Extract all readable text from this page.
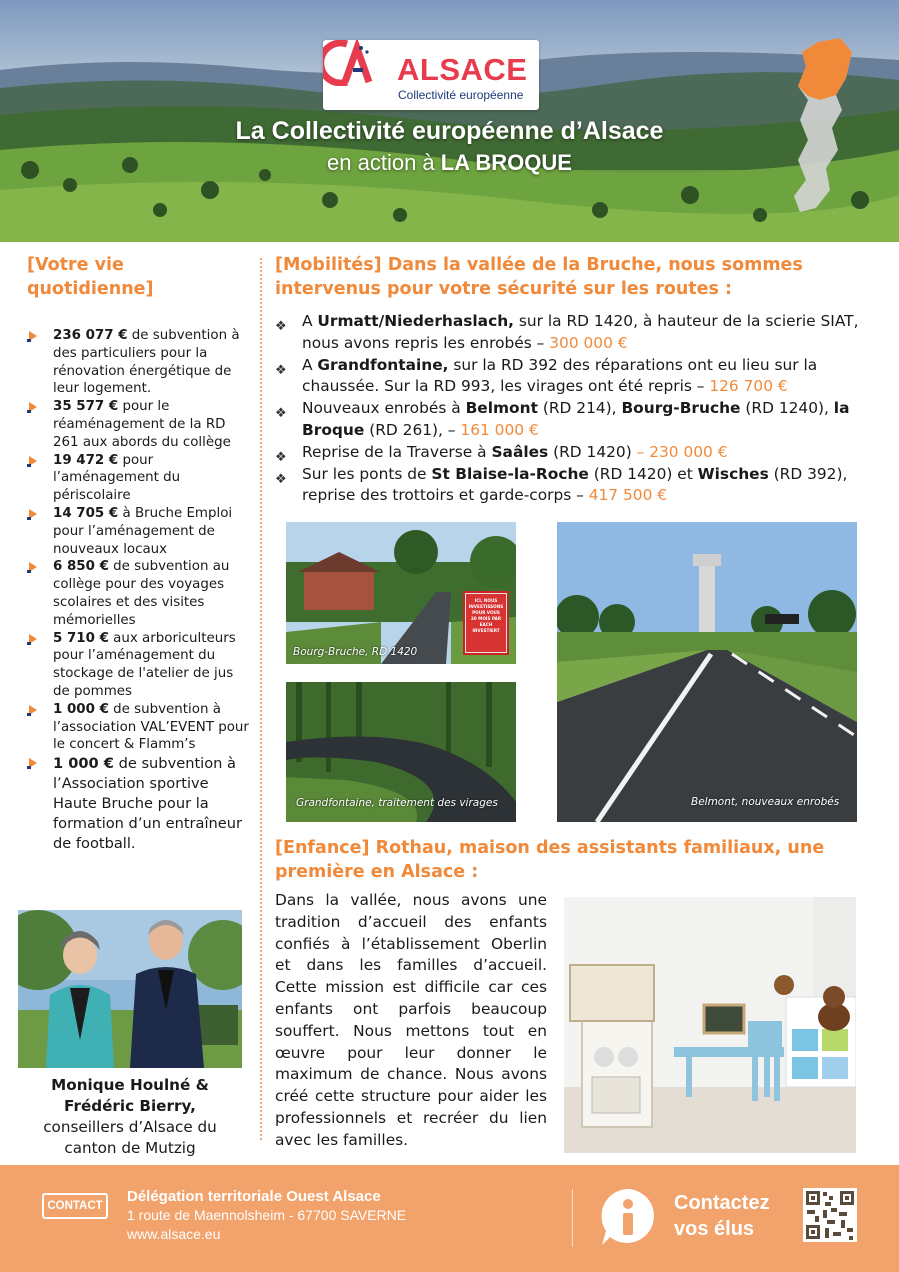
ALSACE
Collectivité européenne
La Collectivité européenne d’Alsace
en action à LA BROQUE
[Votre vie quotidienne]
236 077 € de subvention à des particuliers pour la rénovation énergétique de leur logement.
35 577 € pour le réaménagement de la RD 261 aux abords du collège
19 472 € pour l’aménagement du périscolaire
14 705 € à Bruche Emploi pour l’aménagement de nouveaux locaux
6 850 € de subvention au collège pour des voyages scolaires et des visites mémorielles
5 710 € aux arboriculteurs pour l’aménagement du stockage de l'atelier de jus de pommes
1 000 € de subvention à l’association VAL’EVENT pour le concert & Flamm’s
1 000 € de subvention à l’Association sportive Haute Bruche pour la formation d’un entraîneur de football.
Monique Houlné & Frédéric Bierry,
conseillers d’Alsace du canton de Mutzig
[Mobilités] Dans la vallée de la Bruche, nous sommes intervenus pour votre sécurité sur les routes :
❖ A Urmatt/Niederhaslach, sur la RD 1420, à hauteur de la scierie SIAT, nous avons repris les enrobés – 300 000 €
❖ A Grandfontaine, sur la RD 392 des réparations ont eu lieu sur la chaussée. Sur la RD 993, les virages ont été repris – 126 700 €
❖ Nouveaux enrobés à Belmont (RD 214), Bourg-Bruche (RD 1240), la Broque (RD 261), – 161 000 €
❖ Reprise de la Traverse à Saâles (RD 1420) – 230 000 €
❖ Sur les ponts de St Blaise-la-Roche (RD 1420) et Wisches (RD 392), reprise des trottoirs et garde-corps – 417 500 €
ICI, NOUS
INVESTISSONS
POUR VOUS
30 MOIS PAR
EACH INVESTIERT
Bourg-Bruche, RD 1420
Grandfontaine, traitement des virages	Belmont, nouveaux enrobés
[Enfance] Rothau, maison des assistants familiaux, une première en Alsace :
Dans la vallée, nous avons une tradition d’accueil des enfants confiés à l’établissement Oberlin et dans les familles d’accueil. Cette mission est difficile car ces enfants ont parfois beaucoup souffert. Nous mettons tout en œuvre pour leur donner le maximum de chance. Nous avons créé cette structure pour aider les professionnels et recréer du lien avec les familles.
CONTACT
Délégation territoriale Ouest Alsace
1 route de Maennolsheim - 67700 SAVERNE
www.alsace.eu
Contactez
vos élus
